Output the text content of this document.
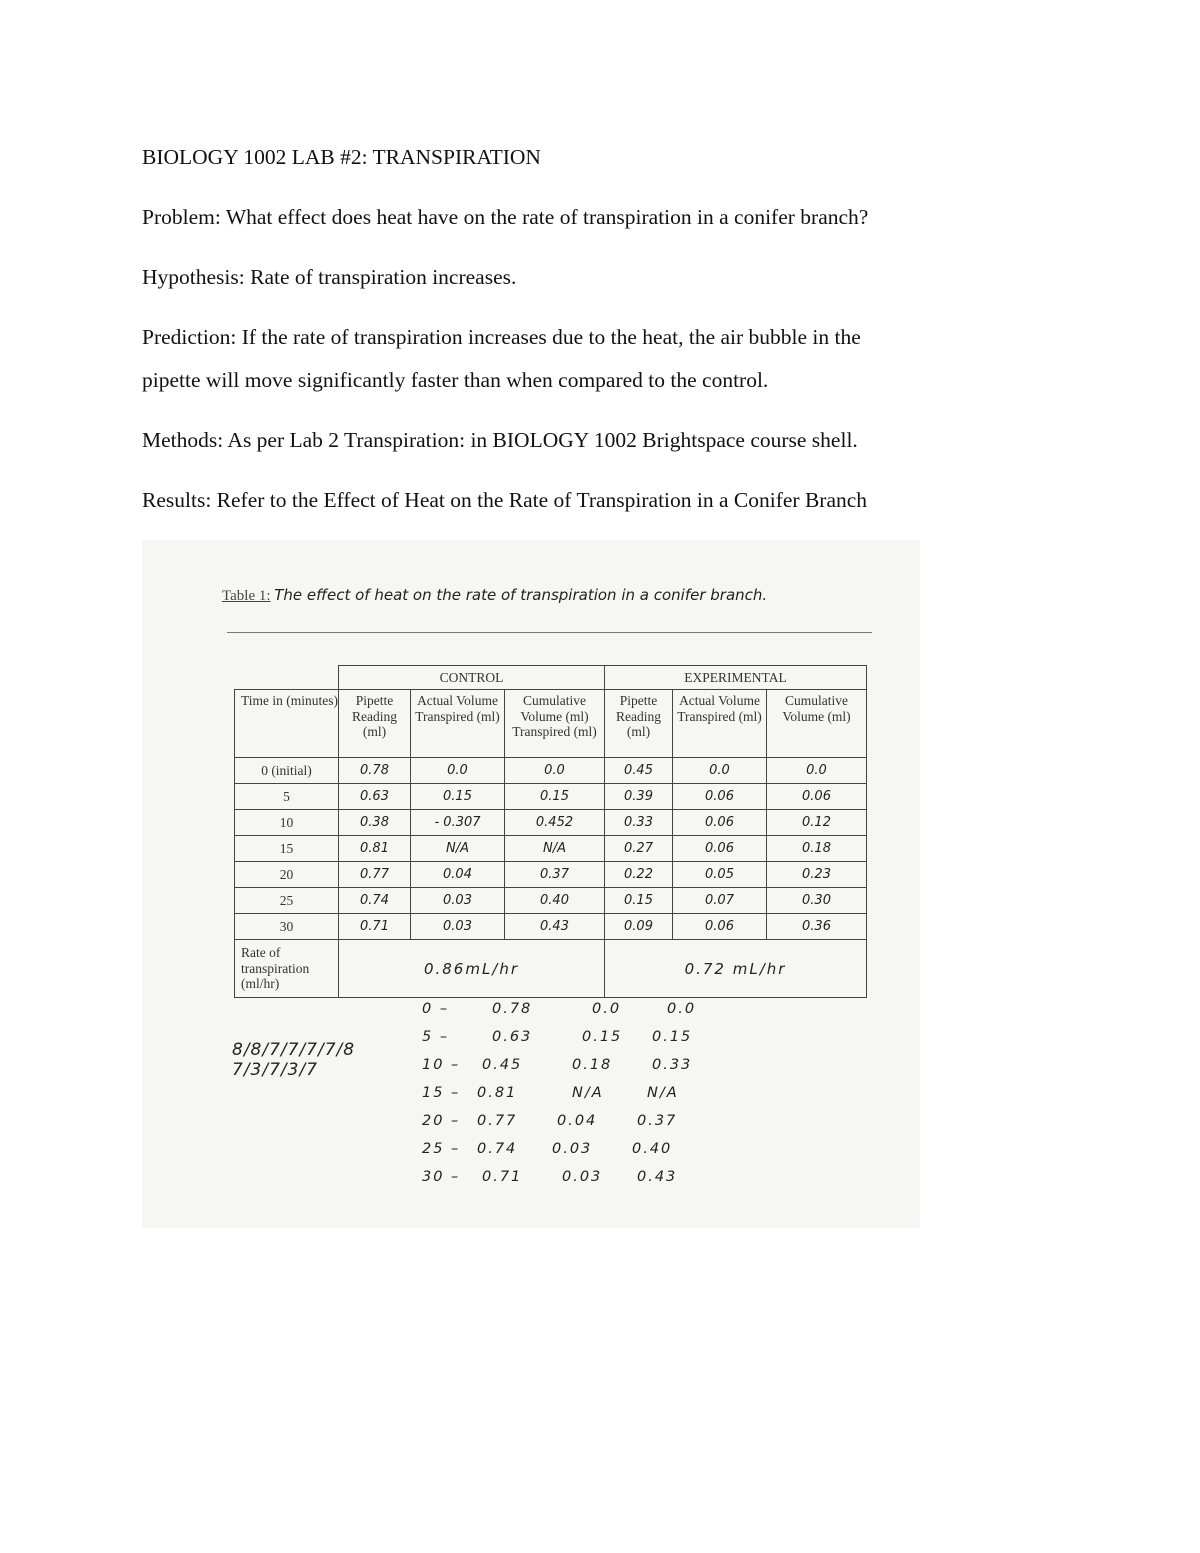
BIOLOGY 1002 LAB #2: TRANSPIRATION
Problem: What effect does heat have on the rate of transpiration in a conifer branch?
Hypothesis: Rate of transpiration increases.
Prediction: If the rate of transpiration increases due to the heat, the air bubble in the
pipette will move significantly faster than when compared to the control.
Methods: As per Lab 2 Transpiration: in BIOLOGY 1002 Brightspace course shell.
Results: Refer to the Effect of Heat on the Rate of Transpiration in a Conifer Branch
Table 1: The effect of heat on the rate of transpiration in a conifer branch.
	CONTROL			EXPERIMENTAL		
Time in (minutes)	Pipette Reading (ml)	Actual Volume Transpired (ml)	Cumulative Volume (ml) Transpired (ml)	Pipette Reading (ml)	Actual Volume Transpired (ml)	Cumulative Volume (ml)
0 (initial)	0.78	0.0	0.0	0.45	0.0	0.0
5	0.63	0.15	0.15	0.39	0.06	0.06
10	0.38	- 0.307	0.452	0.33	0.06	0.12
15	0.81	N/A	N/A	0.27	0.06	0.18
20	0.77	0.04	0.37	0.22	0.05	0.23
25	0.74	0.03	0.40	0.15	0.07	0.30
30	0.71	0.03	0.43	0.09	0.06	0.36
Rate of transpiration (ml/hr)	0.86mL/hr			0.72 mL/hr		
0 –	0.78	0.0	0.0
5 –	0.63	0.15 0.15
10 – 0.45	0.18	0.33
15 – 0.81	N/A	N/A
20 – 0.77	0.04	0.37
25 – 0.74 0.03	0.40
30 – 0.71	0.03 0.43
8/8/7/7/7/7/8
7/3/7/3/7
